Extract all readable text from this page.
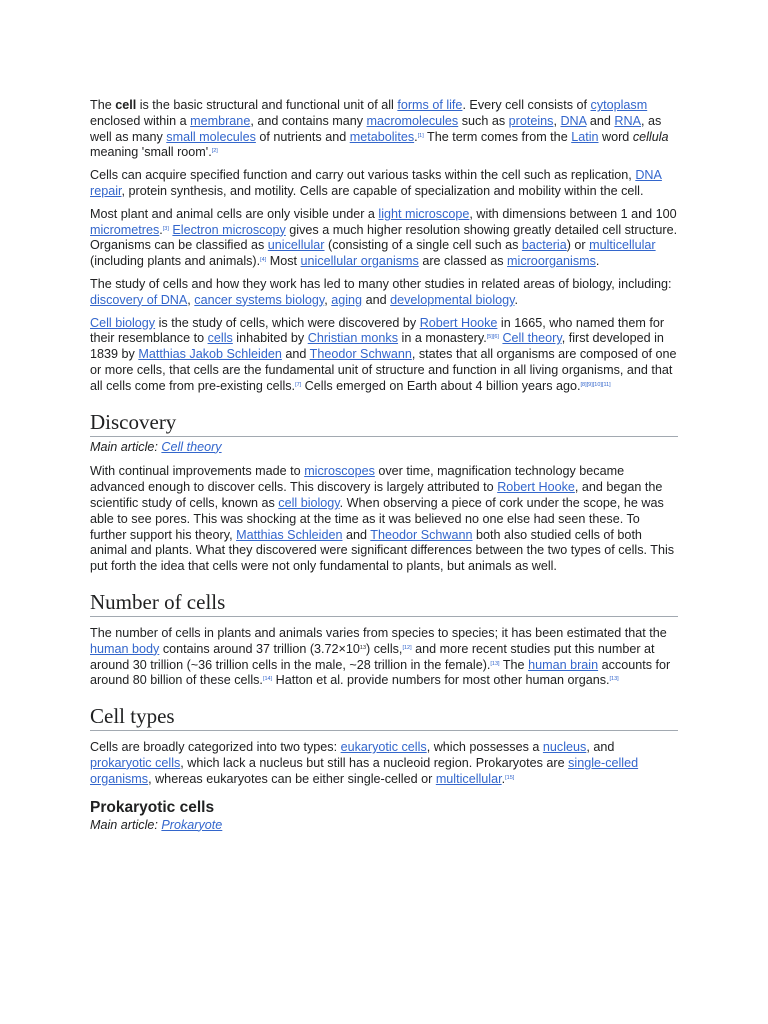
The cell is the basic structural and functional unit of all forms of life. Every cell consists of cytoplasm enclosed within a membrane, and contains many macromolecules such as proteins, DNA and RNA, as well as many small molecules of nutrients and metabolites.[1] The term comes from the Latin word cellula meaning 'small room'.[2]

Cells can acquire specified function and carry out various tasks within the cell such as replication, DNA repair, protein synthesis, and motility. Cells are capable of specialization and mobility within the cell.

Most plant and animal cells are only visible under a light microscope, with dimensions between 1 and 100 micrometres.[3] Electron microscopy gives a much higher resolution showing greatly detailed cell structure. Organisms can be classified as unicellular (consisting of a single cell such as bacteria) or multicellular (including plants and animals).[4] Most unicellular organisms are classed as microorganisms.

The study of cells and how they work has led to many other studies in related areas of biology, including: discovery of DNA, cancer systems biology, aging and developmental biology.

Cell biology is the study of cells, which were discovered by Robert Hooke in 1665, who named them for their resemblance to cells inhabited by Christian monks in a monastery.[5][6] Cell theory, first developed in 1839 by Matthias Jakob Schleiden and Theodor Schwann, states that all organisms are composed of one or more cells, that cells are the fundamental unit of structure and function in all living organisms, and that all cells come from pre-existing cells.[7] Cells emerged on Earth about 4 billion years ago.[8][9][10][11]

Discovery
Main article: Cell theory

With continual improvements made to microscopes over time, magnification technology became advanced enough to discover cells. This discovery is largely attributed to Robert Hooke, and began the scientific study of cells, known as cell biology. When observing a piece of cork under the scope, he was able to see pores. This was shocking at the time as it was believed no one else had seen these. To further support his theory, Matthias Schleiden and Theodor Schwann both also studied cells of both animal and plants. What they discovered were significant differences between the two types of cells. This put forth the idea that cells were not only fundamental to plants, but animals as well.

Number of cells

The number of cells in plants and animals varies from species to species; it has been estimated that the human body contains around 37 trillion $(3.72\times 10^{13})$ cells,[12] and more recent studies put this number at around 30 trillion (~36 trillion cells in the male, ~28 trillion in the female).[13] The human brain accounts for around 80 billion of these cells.[14] Hatton et al. provide numbers for most other human organs.[13]

Cell types

Cells are broadly categorized into two types: eukaryotic cells, which possesses a nucleus, and prokaryotic cells, which lack a nucleus but still has a nucleoid region. Prokaryotes are single-celled organisms, whereas eukaryotes can be either single-celled or multicellular.[15]

Prokaryotic cells
Main article: Prokaryote
